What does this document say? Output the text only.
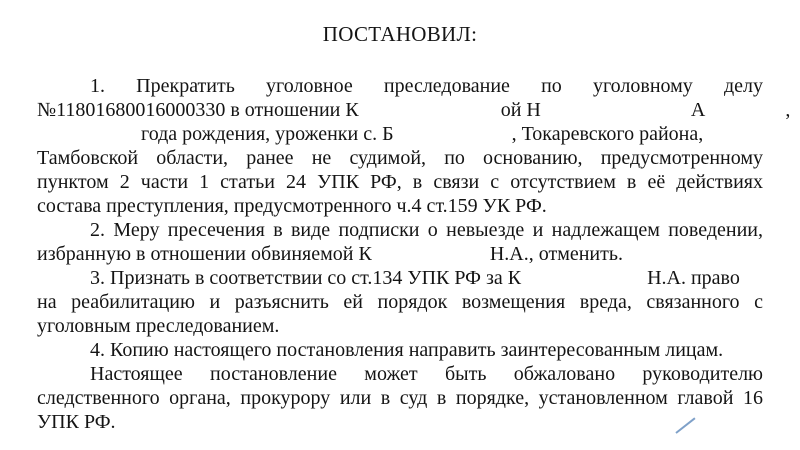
ПОСТАНОВИЛ:
1. Прекратить уголовное преследование по уголовному делу
№11801680016000330 в отношении К	ой Н	А	,
года рождения, уроженки с. Б	, Токаревского района,
Тамбовской области, ранее не судимой, по основанию, предусмотренному
пунктом 2 части 1 статьи 24 УПК РФ, в связи с отсутствием в её действиях
состава преступления, предусмотренного ч.4 ст.159 УК РФ.
2. Меру пресечения в виде подписки о невыезде и надлежащем поведении,
избранную в отношении обвиняемой К	Н.А., отменить.
3. Признать в соответствии со ст.134 УПК РФ за К	Н.А. право
на реабилитацию и разъяснить ей порядок возмещения вреда, связанного с
уголовным преследованием.
4. Копию настоящего постановления направить заинтересованным лицам.
Настоящее постановление может быть обжаловано руководителю
следственного органа, прокурору или в суд в порядке, установленном главой 16
УПК РФ.
